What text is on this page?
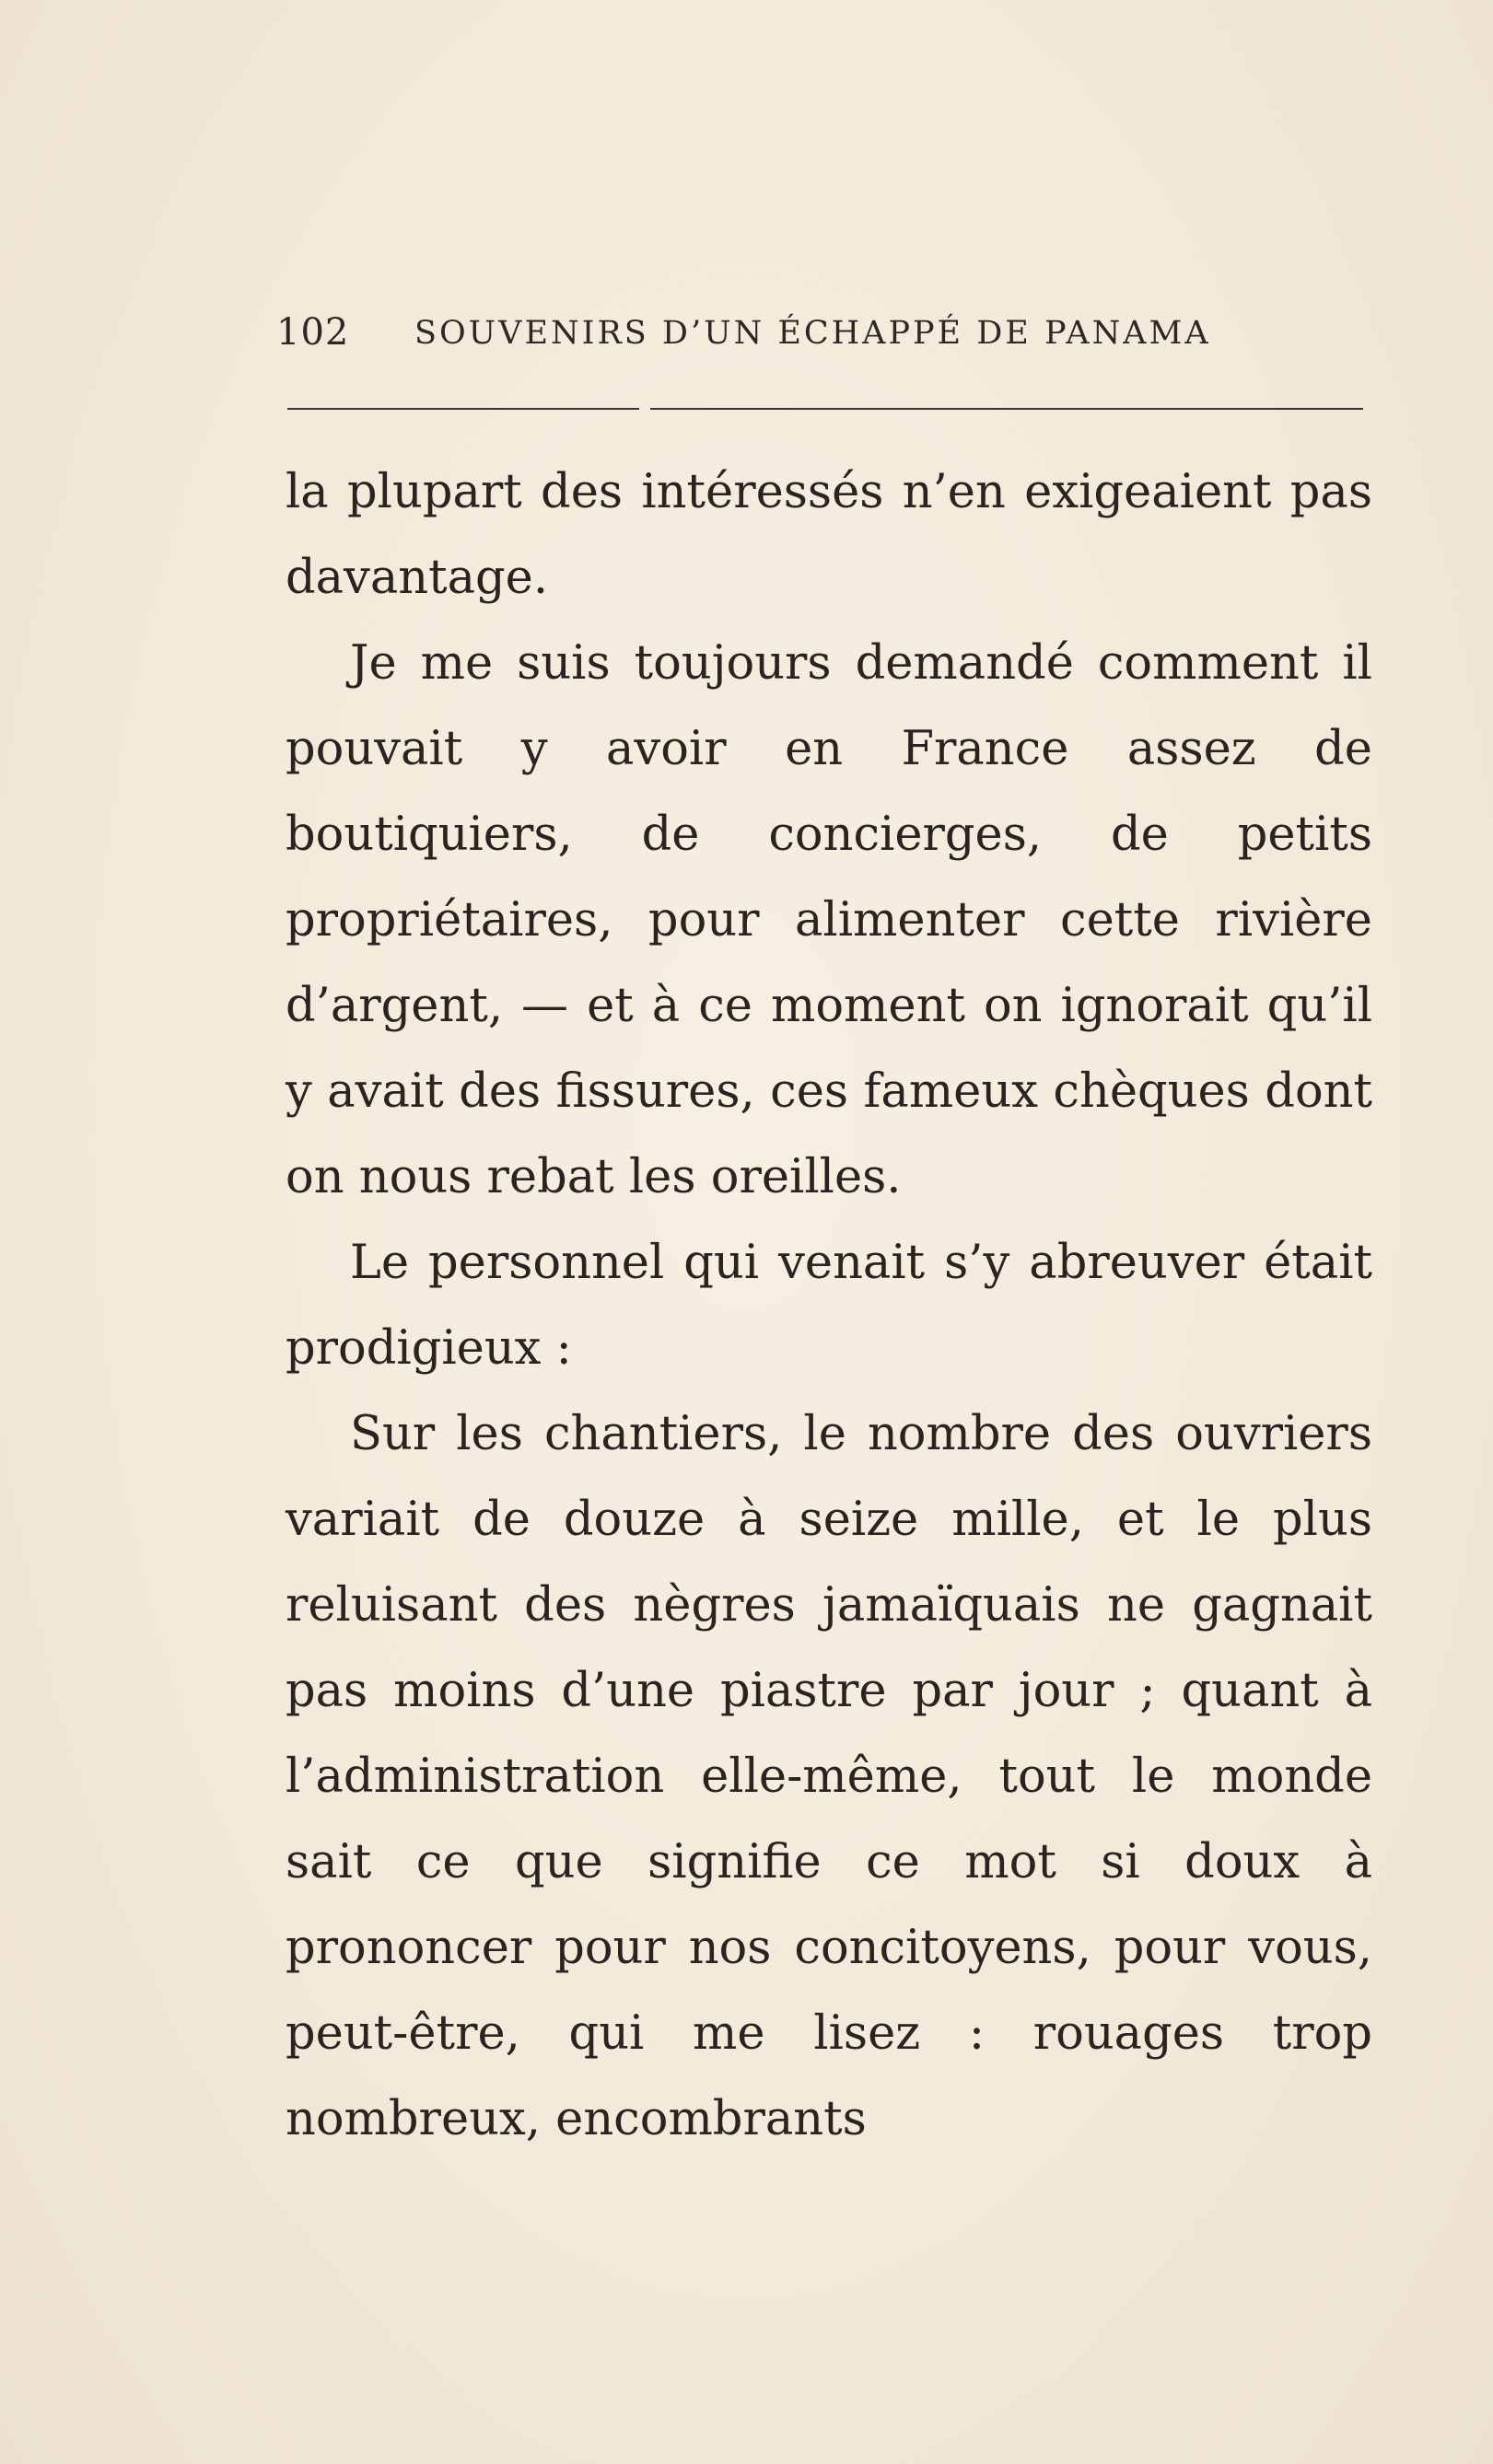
102 SOUVENIRS D’UN ÉCHAPPÉ DE PANAMA

la plupart des intéressés n’en exigeaient pas davantage.

Je me suis toujours demandé comment il pouvait y avoir en France assez de boutiquiers, de concierges, de petits propriétaires, pour alimenter cette rivière d’argent, — et à ce moment on ignorait qu’il y avait des fissures, ces fameux chèques dont on nous rebat les oreilles.

Le personnel qui venait s’y abreuver était prodigieux :

Sur les chantiers, le nombre des ouvriers variait de douze à seize mille, et le plus reluisant des nègres jamaïquais ne gagnait pas moins d’une piastre par jour ; quant à l’administration elle-même, tout le monde sait ce que signifie ce mot si doux à prononcer pour nos concitoyens, pour vous, peut-être, qui me lisez : rouages trop nombreux, encombrants
